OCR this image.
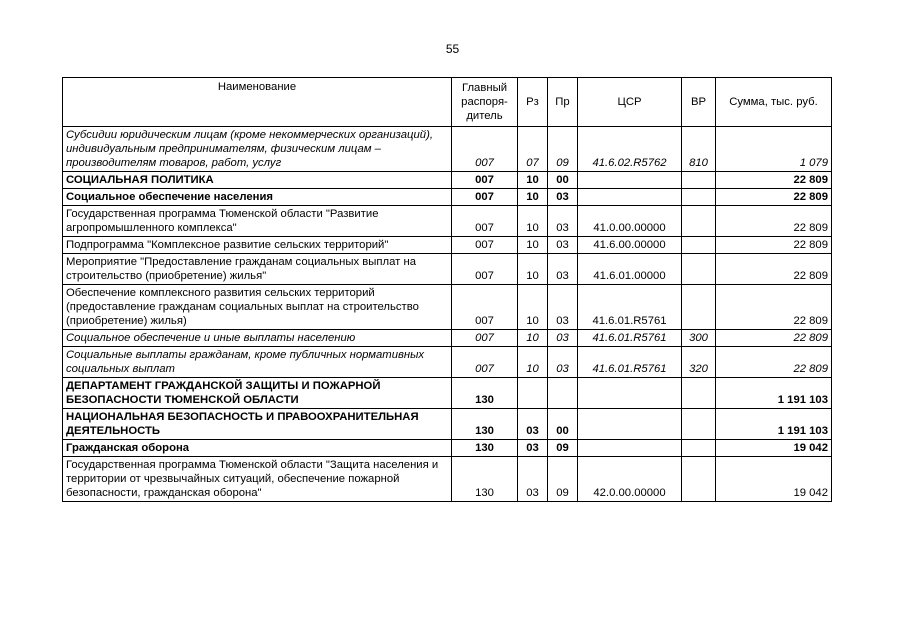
55
Наименование	Главный распоря-дитель	Рз	Пр	ЦСР	ВР	Сумма, тыс. руб.
Субсидии юридическим лицам (кроме некоммерческих организаций), индивидуальным предпринимателям, физическим лицам – производителям товаров, работ, услуг	007	07	09	41.6.02.R5762	810	1 079
СОЦИАЛЬНАЯ ПОЛИТИКА	007	10	00			22 809
Социальное обеспечение населения	007	10	03			22 809
Государственная программа Тюменской области "Развитие агропромышленного комплекса"	007	10	03	41.0.00.00000		22 809
Подпрограмма "Комплексное развитие сельских территорий"	007	10	03	41.6.00.00000		22 809
Мероприятие "Предоставление гражданам социальных выплат на строительство (приобретение) жилья"	007	10	03	41.6.01.00000		22 809
Обеспечение комплексного развития сельских территорий (предоставление гражданам социальных выплат на строительство (приобретение) жилья)	007	10	03	41.6.01.R5761		22 809
Социальное обеспечение и иные выплаты населению	007	10	03	41.6.01.R5761	300	22 809
Социальные выплаты гражданам, кроме публичных нормативных социальных выплат	007	10	03	41.6.01.R5761	320	22 809
ДЕПАРТАМЕНТ ГРАЖДАНСКОЙ ЗАЩИТЫ И ПОЖАРНОЙ БЕЗОПАСНОСТИ ТЮМЕНСКОЙ ОБЛАСТИ	130					1 191 103
НАЦИОНАЛЬНАЯ БЕЗОПАСНОСТЬ И ПРАВООХРАНИТЕЛЬНАЯ ДЕЯТЕЛЬНОСТЬ	130	03	00			1 191 103
Гражданская оборона	130	03	09			19 042
Государственная программа Тюменской области "Защита населения и территории от чрезвычайных ситуаций, обеспечение пожарной безопасности, гражданская оборона"	130	03	09	42.0.00.00000		19 042
